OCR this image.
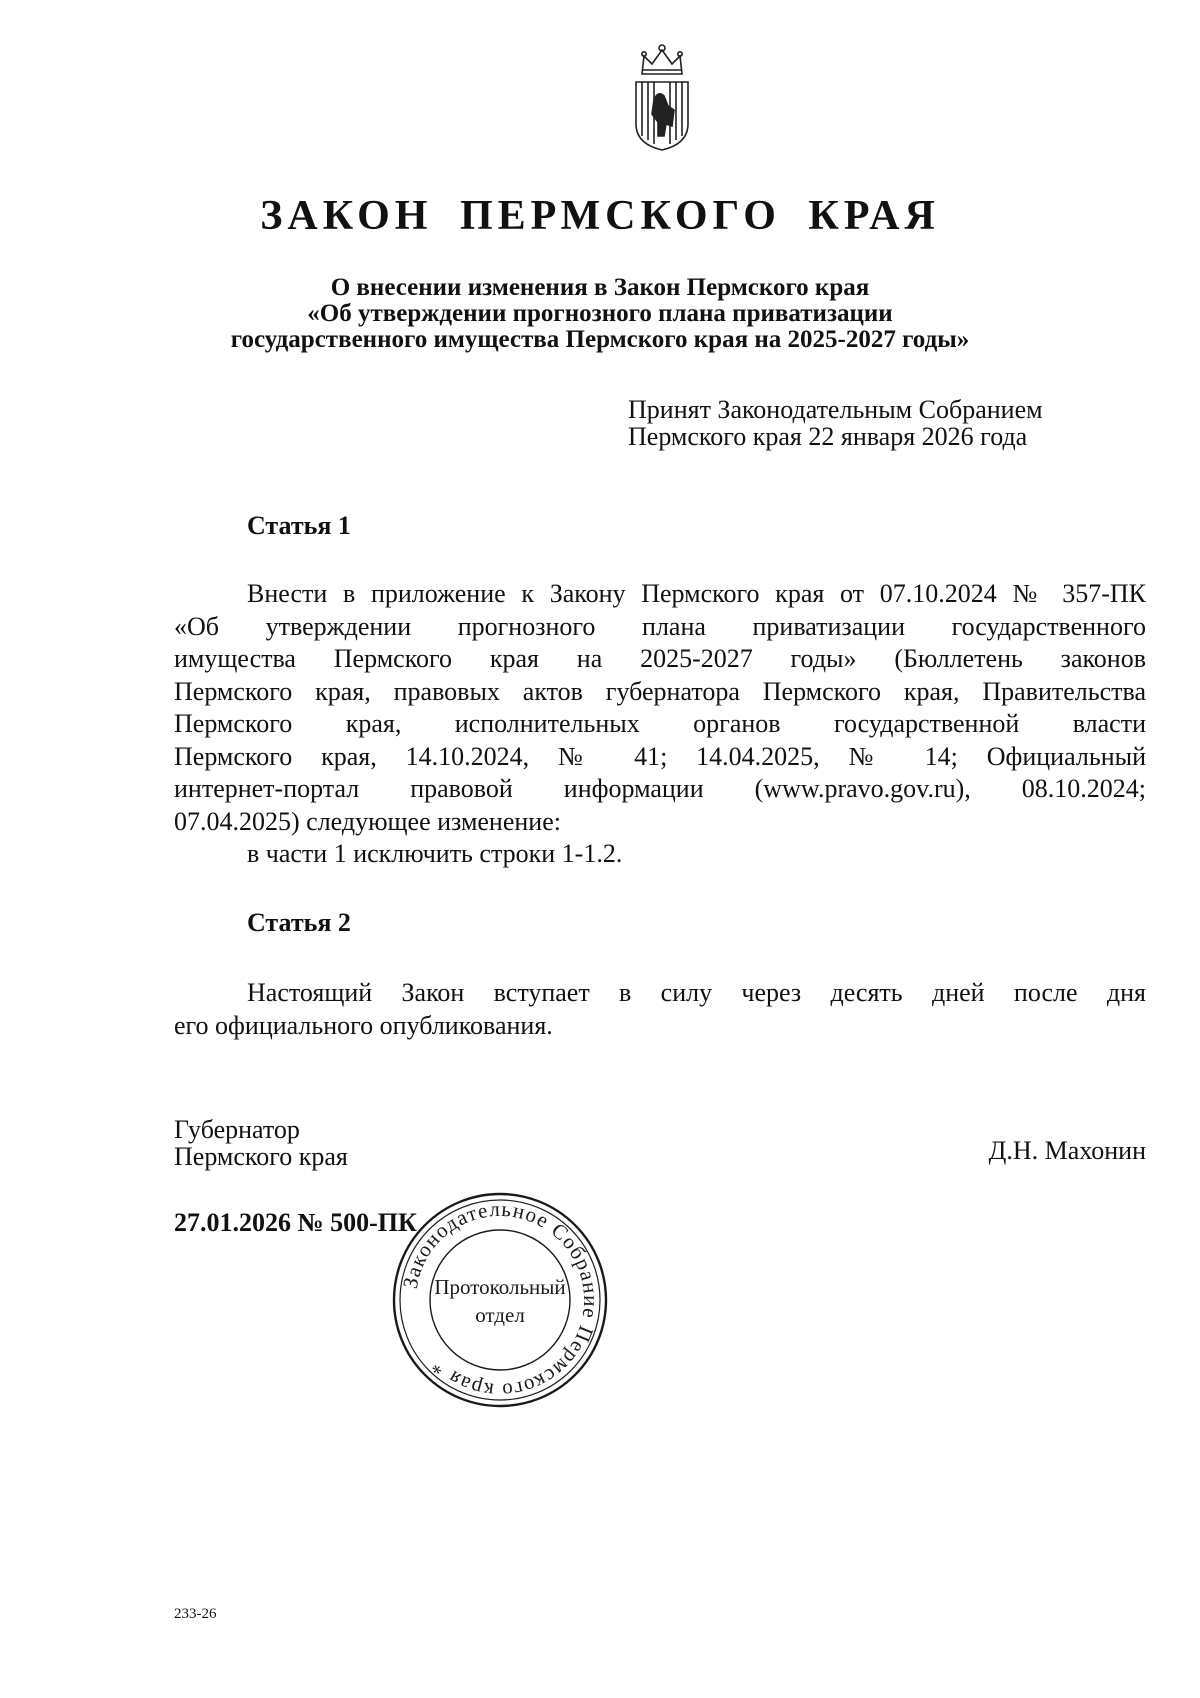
ЗАКОН ПЕРМСКОГО КРАЯ
О внесении изменения в Закон Пермского края
«Об утверждении прогнозного плана приватизации
государственного имущества Пермского края на 2025-2027 годы»
Принят Законодательным Собранием
Пермского края 22 января 2026 года
Статья 1
Внести в приложение к Закону Пермского края от 07.10.2024 № 357-ПК
«Об утверждении прогнозного плана приватизации государственного
имущества Пермского края на 2025-2027 годы» (Бюллетень законов
Пермского края, правовых актов губернатора Пермского края, Правительства
Пермского края, исполнительных органов государственной власти
Пермского края, 14.10.2024, № 41; 14.04.2025, № 14; Официальный
интернет-портал правовой информации (www.pravo.gov.ru), 08.10.2024;
07.04.2025) следующее изменение:
в части 1 исключить строки 1-1.2.
Статья 2
Настоящий Закон вступает в силу через десять дней после дня
его официального опубликования.
Губернатор
Пермского края	Д.Н. Махонин
27.01.2026 № 500-ПК
Законодательное Собрание Пермского края *
Протокольный
отдел
233-26
